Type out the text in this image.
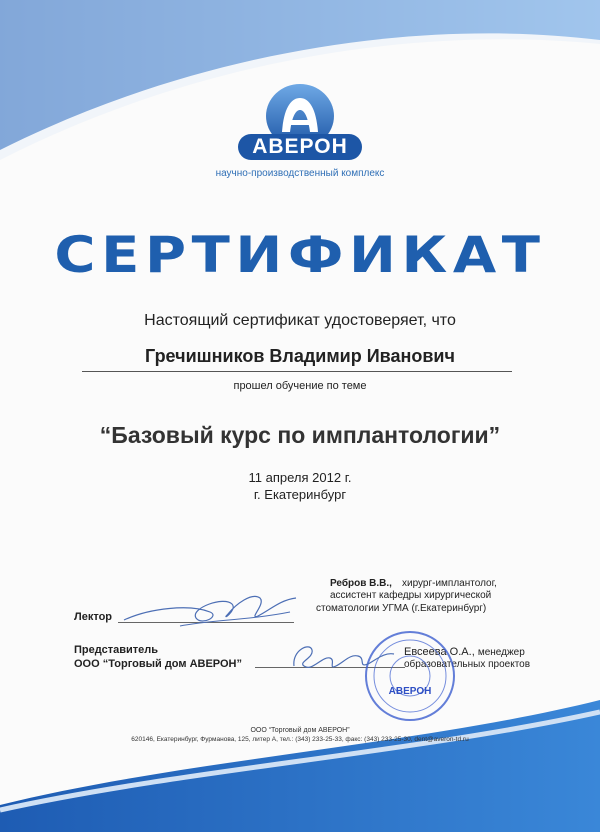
АВЕРОН
научно-производственный комплекс
СЕРТИФИКАТ
Настоящий сертификат удостоверяет, что
Гречишников Владимир Иванович
прошел обучение по теме
“Базовый курс по имплантологии”
11 апреля 2012 г.
г. Екатеринбург
Ребров В.В.,	хирург-имплантолог,
ассистент кафедры хирургической
стоматологии УГМА (г.Екатеринбург)
Лектор
Представитель
ООО “Торговый дом АВЕРОН”
Евсеева О.А., менеджер
образовательных проектов
АВЕРОН
ООО “Торговый дом АВЕРОН”
620146, Екатеринбург, Фурманова, 125, литер А, тел.: (343) 233-25-33, факс: (343) 233-25-30, dent@averon-td.ru
